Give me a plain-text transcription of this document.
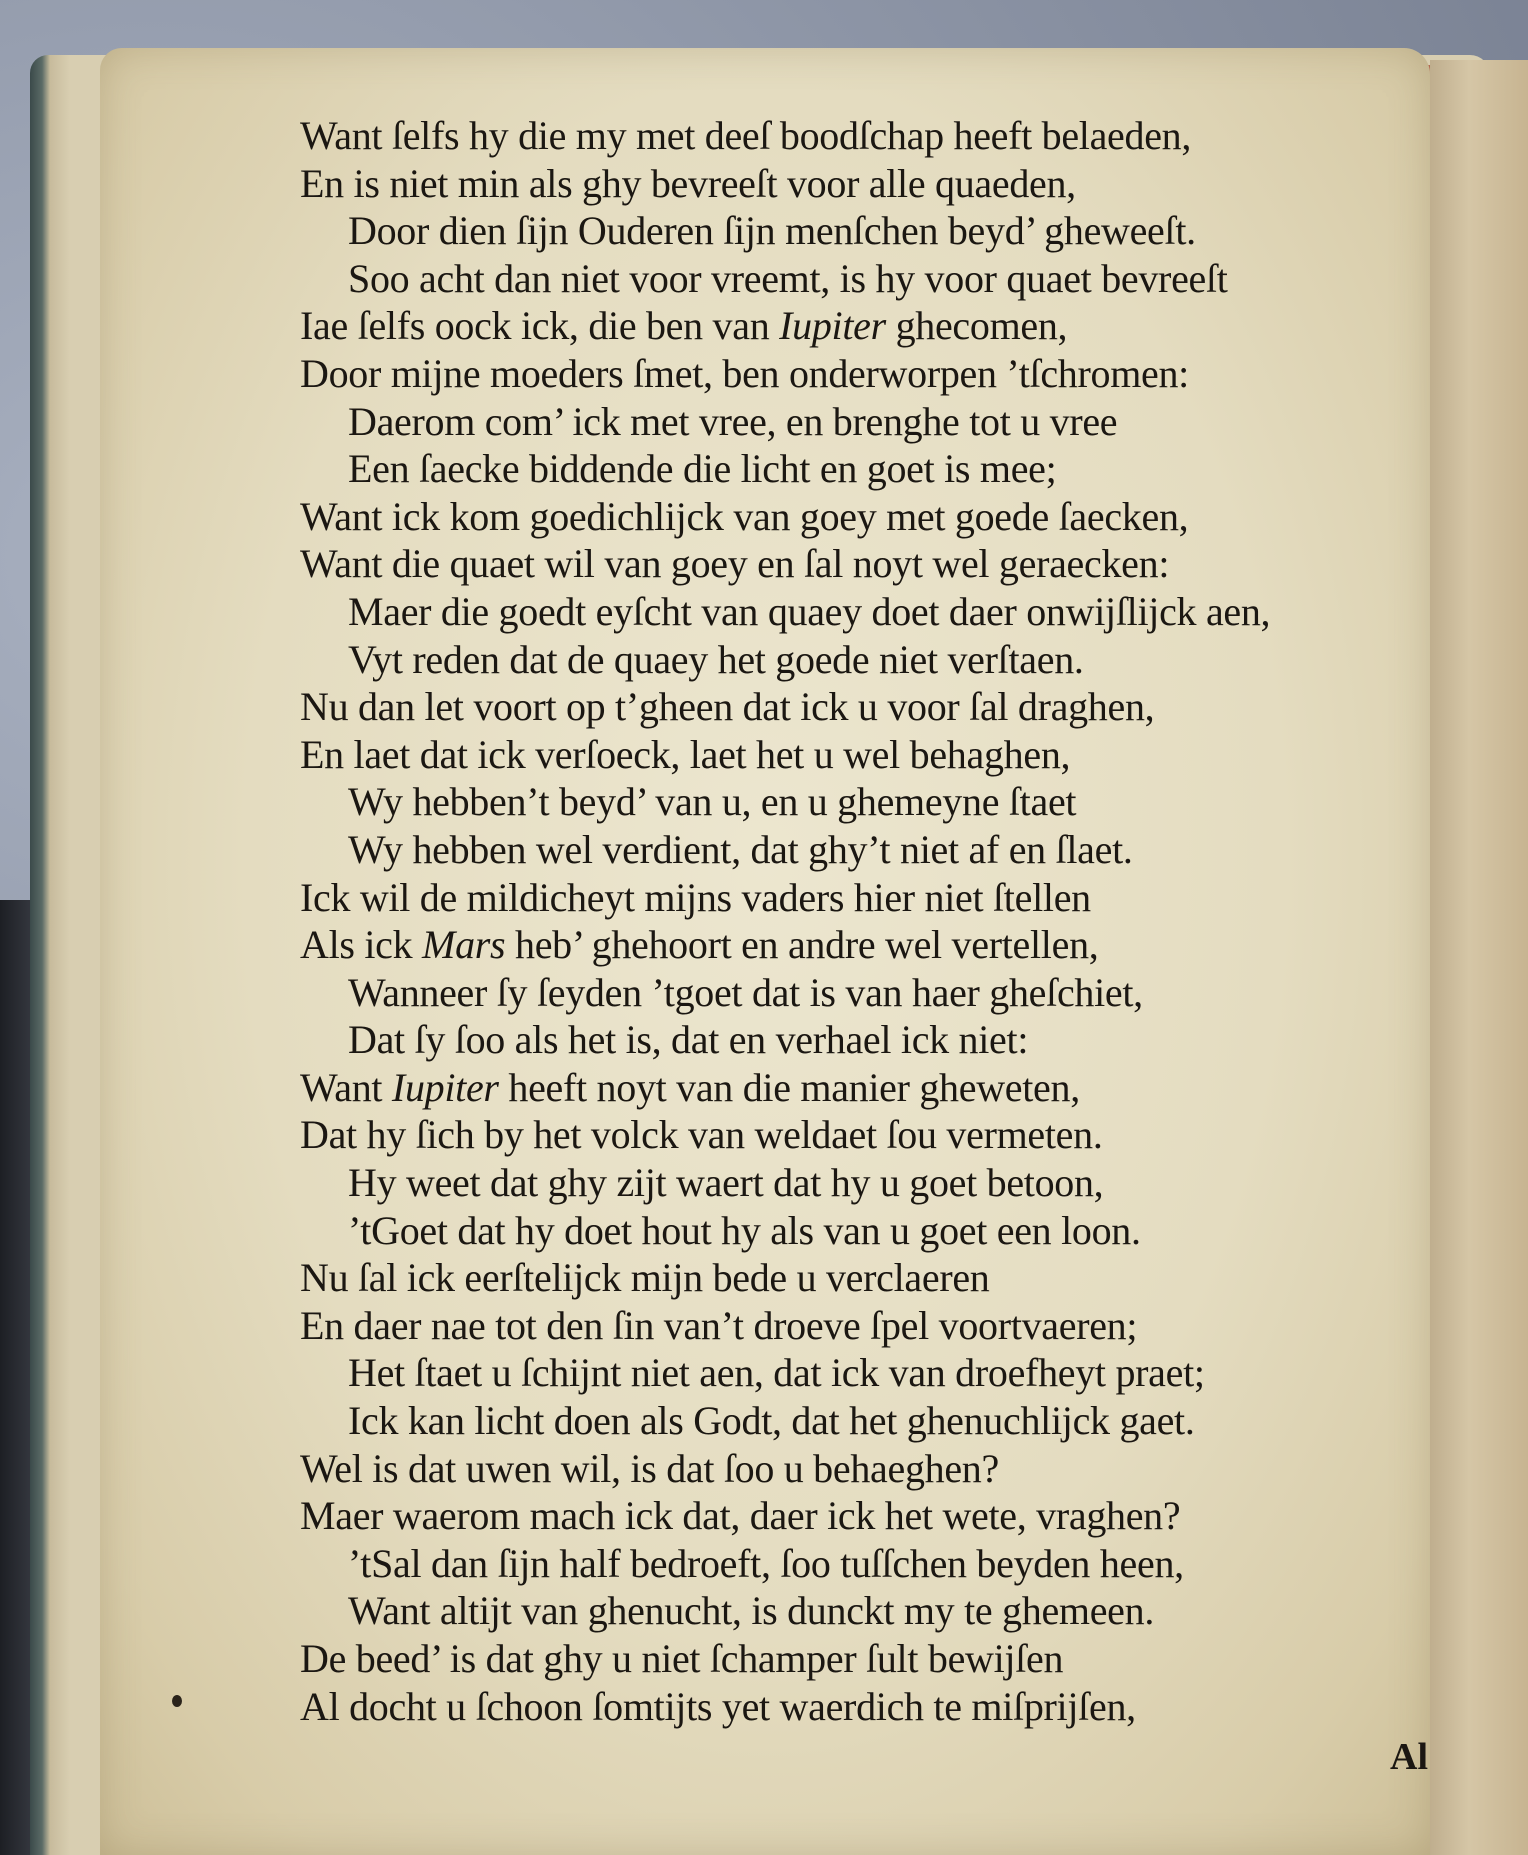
Want ſelfs hy die my met deeſ boodſchap heeft belaeden,
En is niet min als ghy bevreeſt voor alle quaeden,
Door dien ſijn Ouderen ſijn menſchen beyd’ gheweeſt.
Soo acht dan niet voor vreemt, is hy voor quaet bevreeſt
Iae ſelfs oock ick, die ben van Iupiter ghecomen,
Door mijne moeders ſmet, ben onderworpen ’tſchromen:
Daerom com’ ick met vree, en brenghe tot u vree
Een ſaecke biddende die licht en goet is mee;
Want ick kom goedichlijck van goey met goede ſaecken,
Want die quaet wil van goey en ſal noyt wel geraecken:
Maer die goedt eyſcht van quaey doet daer onwijſlijck aen,
Vyt reden dat de quaey het goede niet verſtaen.
Nu dan let voort op t’gheen dat ick u voor ſal draghen,
En laet dat ick verſoeck, laet het u wel behaghen,
Wy hebben’t beyd’ van u, en u ghemeyne ſtaet
Wy hebben wel verdient, dat ghy’t niet af en ſlaet.
Ick wil de mildicheyt mijns vaders hier niet ſtellen
Als ick Mars heb’ ghehoort en andre wel vertellen,
Wanneer ſy ſeyden ’tgoet dat is van haer gheſchiet,
Dat ſy ſoo als het is, dat en verhael ick niet:
Want Iupiter heeft noyt van die manier gheweten,
Dat hy ſich by het volck van weldaet ſou vermeten.
Hy weet dat ghy zijt waert dat hy u goet betoon,
’tGoet dat hy doet hout hy als van u goet een loon.
Nu ſal ick eerſtelijck mijn bede u verclaeren
En daer nae tot den ſin van’t droeve ſpel voortvaeren;
Het ſtaet u ſchijnt niet aen, dat ick van droefheyt praet;
Ick kan licht doen als Godt, dat het ghenuchlijck gaet.
Wel is dat uwen wil, is dat ſoo u behaeghen?
Maer waerom mach ick dat, daer ick het wete, vraghen?
’tSal dan ſijn half bedroeft, ſoo tuſſchen beyden heen,
Want altijt van ghenucht, is dunckt my te ghemeen.
De beed’ is dat ghy u niet ſchamper ſult bewijſen
Al docht u ſchoon ſomtijts yet waerdich te miſprijſen,
Al
